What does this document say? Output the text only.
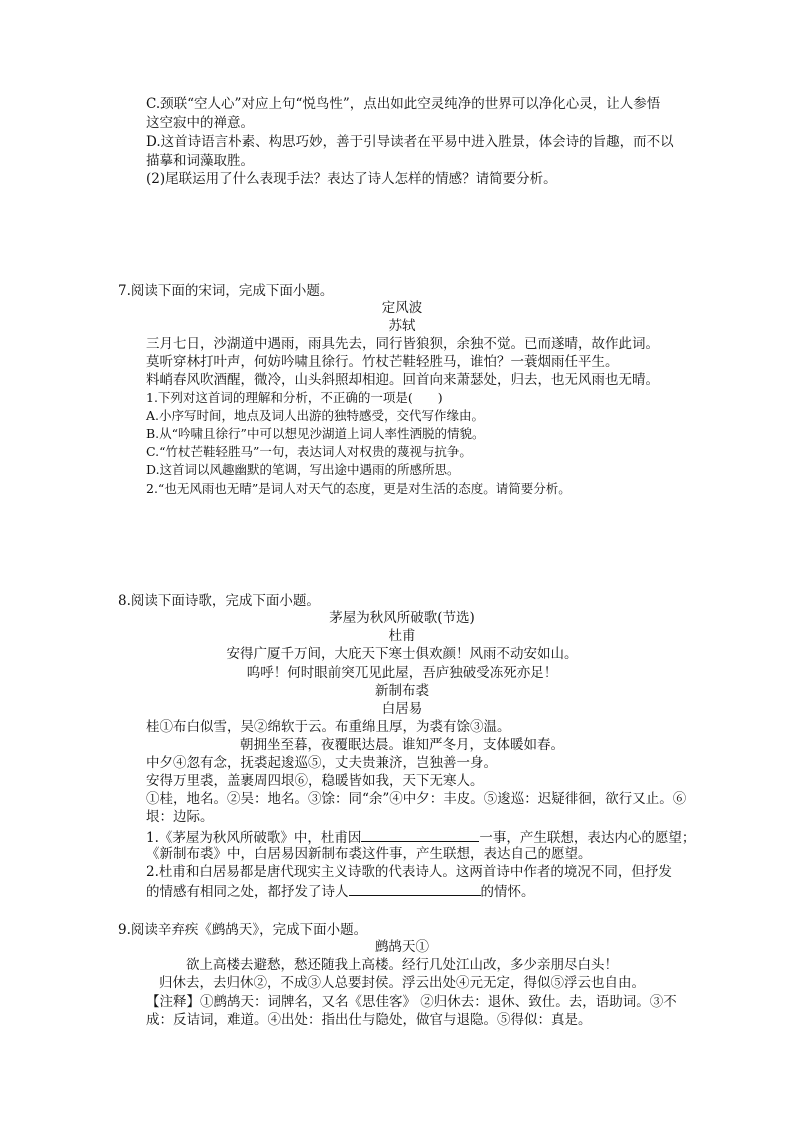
C.颈联“空人心”对应上句“悦鸟性”，点出如此空灵纯净的世界可以净化心灵，让人参悟
这空寂中的禅意。
D.这首诗语言朴素、构思巧妙，善于引导读者在平易中进入胜景，体会诗的旨趣，而不以
描摹和词藻取胜。
(2)尾联运用了什么表现手法？表达了诗人怎样的情感？请简要分析。
7.阅读下面的宋词，完成下面小题。
定风波
苏轼
三月七日，沙湖道中遇雨，雨具先去，同行皆狼狈，余独不觉。已而遂晴，故作此词。
莫听穿林打叶声，何妨吟啸且徐行。竹杖芒鞋轻胜马，谁怕？一蓑烟雨任平生。
料峭春风吹酒醒，微冷，山头斜照却相迎。回首向来萧瑟处，归去，也无风雨也无晴。
1.下列对这首词的理解和分析，不正确的一项是(　　)
A.小序写时间，地点及词人出游的独特感受，交代写作缘由。
B.从“吟啸且徐行”中可以想见沙湖道上词人率性洒脱的情貌。
C.“竹杖芒鞋轻胜马”一句，表达词人对权贵的蔑视与抗争。
D.这首词以风趣幽默的笔调，写出途中遇雨的所感所思。
2.“也无风雨也无晴”是词人对天气的态度，更是对生活的态度。请简要分析。
8.阅读下面诗歌，完成下面小题。
茅屋为秋风所破歌(节选)
杜甫
安得广厦千万间，大庇天下寒士俱欢颜！风雨不动安如山。
呜呼！何时眼前突兀见此屋，吾庐独破受冻死亦足！
新制布裘
白居易
桂①布白似雪，吴②绵软于云。布重绵且厚，为裘有馀③温。
朝拥坐至暮，夜覆眠达晨。谁知严冬月，支体暖如春。
中夕④忽有念，抚裘起逡巡⑤，丈夫贵兼济，岂独善一身。
安得万里裘，盖裹周四垠⑥，稳暖皆如我，天下无寒人。
①桂，地名。②吴：地名。③馀：同“余”④中夕：丰皮。⑤逡巡：迟疑徘徊，欲行又止。⑥
垠：边际。
1.《茅屋为秋风所破歌》中，杜甫因	一事，产生联想，表达内心的愿望；
《新制布裘》中，白居易因新制布裘这件事，产生联想，表达自己的愿望。
2.杜甫和白居易都是唐代现实主义诗歌的代表诗人。这两首诗中作者的境况不同，但抒发
的情感有相同之处，都抒发了诗人	的情怀。
9.阅读辛弃疾《鹧鸪天》，完成下面小题。
鹧鸪天①
欲上高楼去避愁，愁还随我上高楼。经行几处江山改，多少亲朋尽白头！
归休去，去归休②，不成③人总要封侯。浮云出处④元无定，得似⑤浮云也自由。
【注释】①鹧鸪天：词牌名，又名《思佳客》 ②归休去：退休、致仕。去，语助词。③不
成：反诘词，难道。④出处：指出仕与隐处，做官与退隐。⑤得似：真是。
